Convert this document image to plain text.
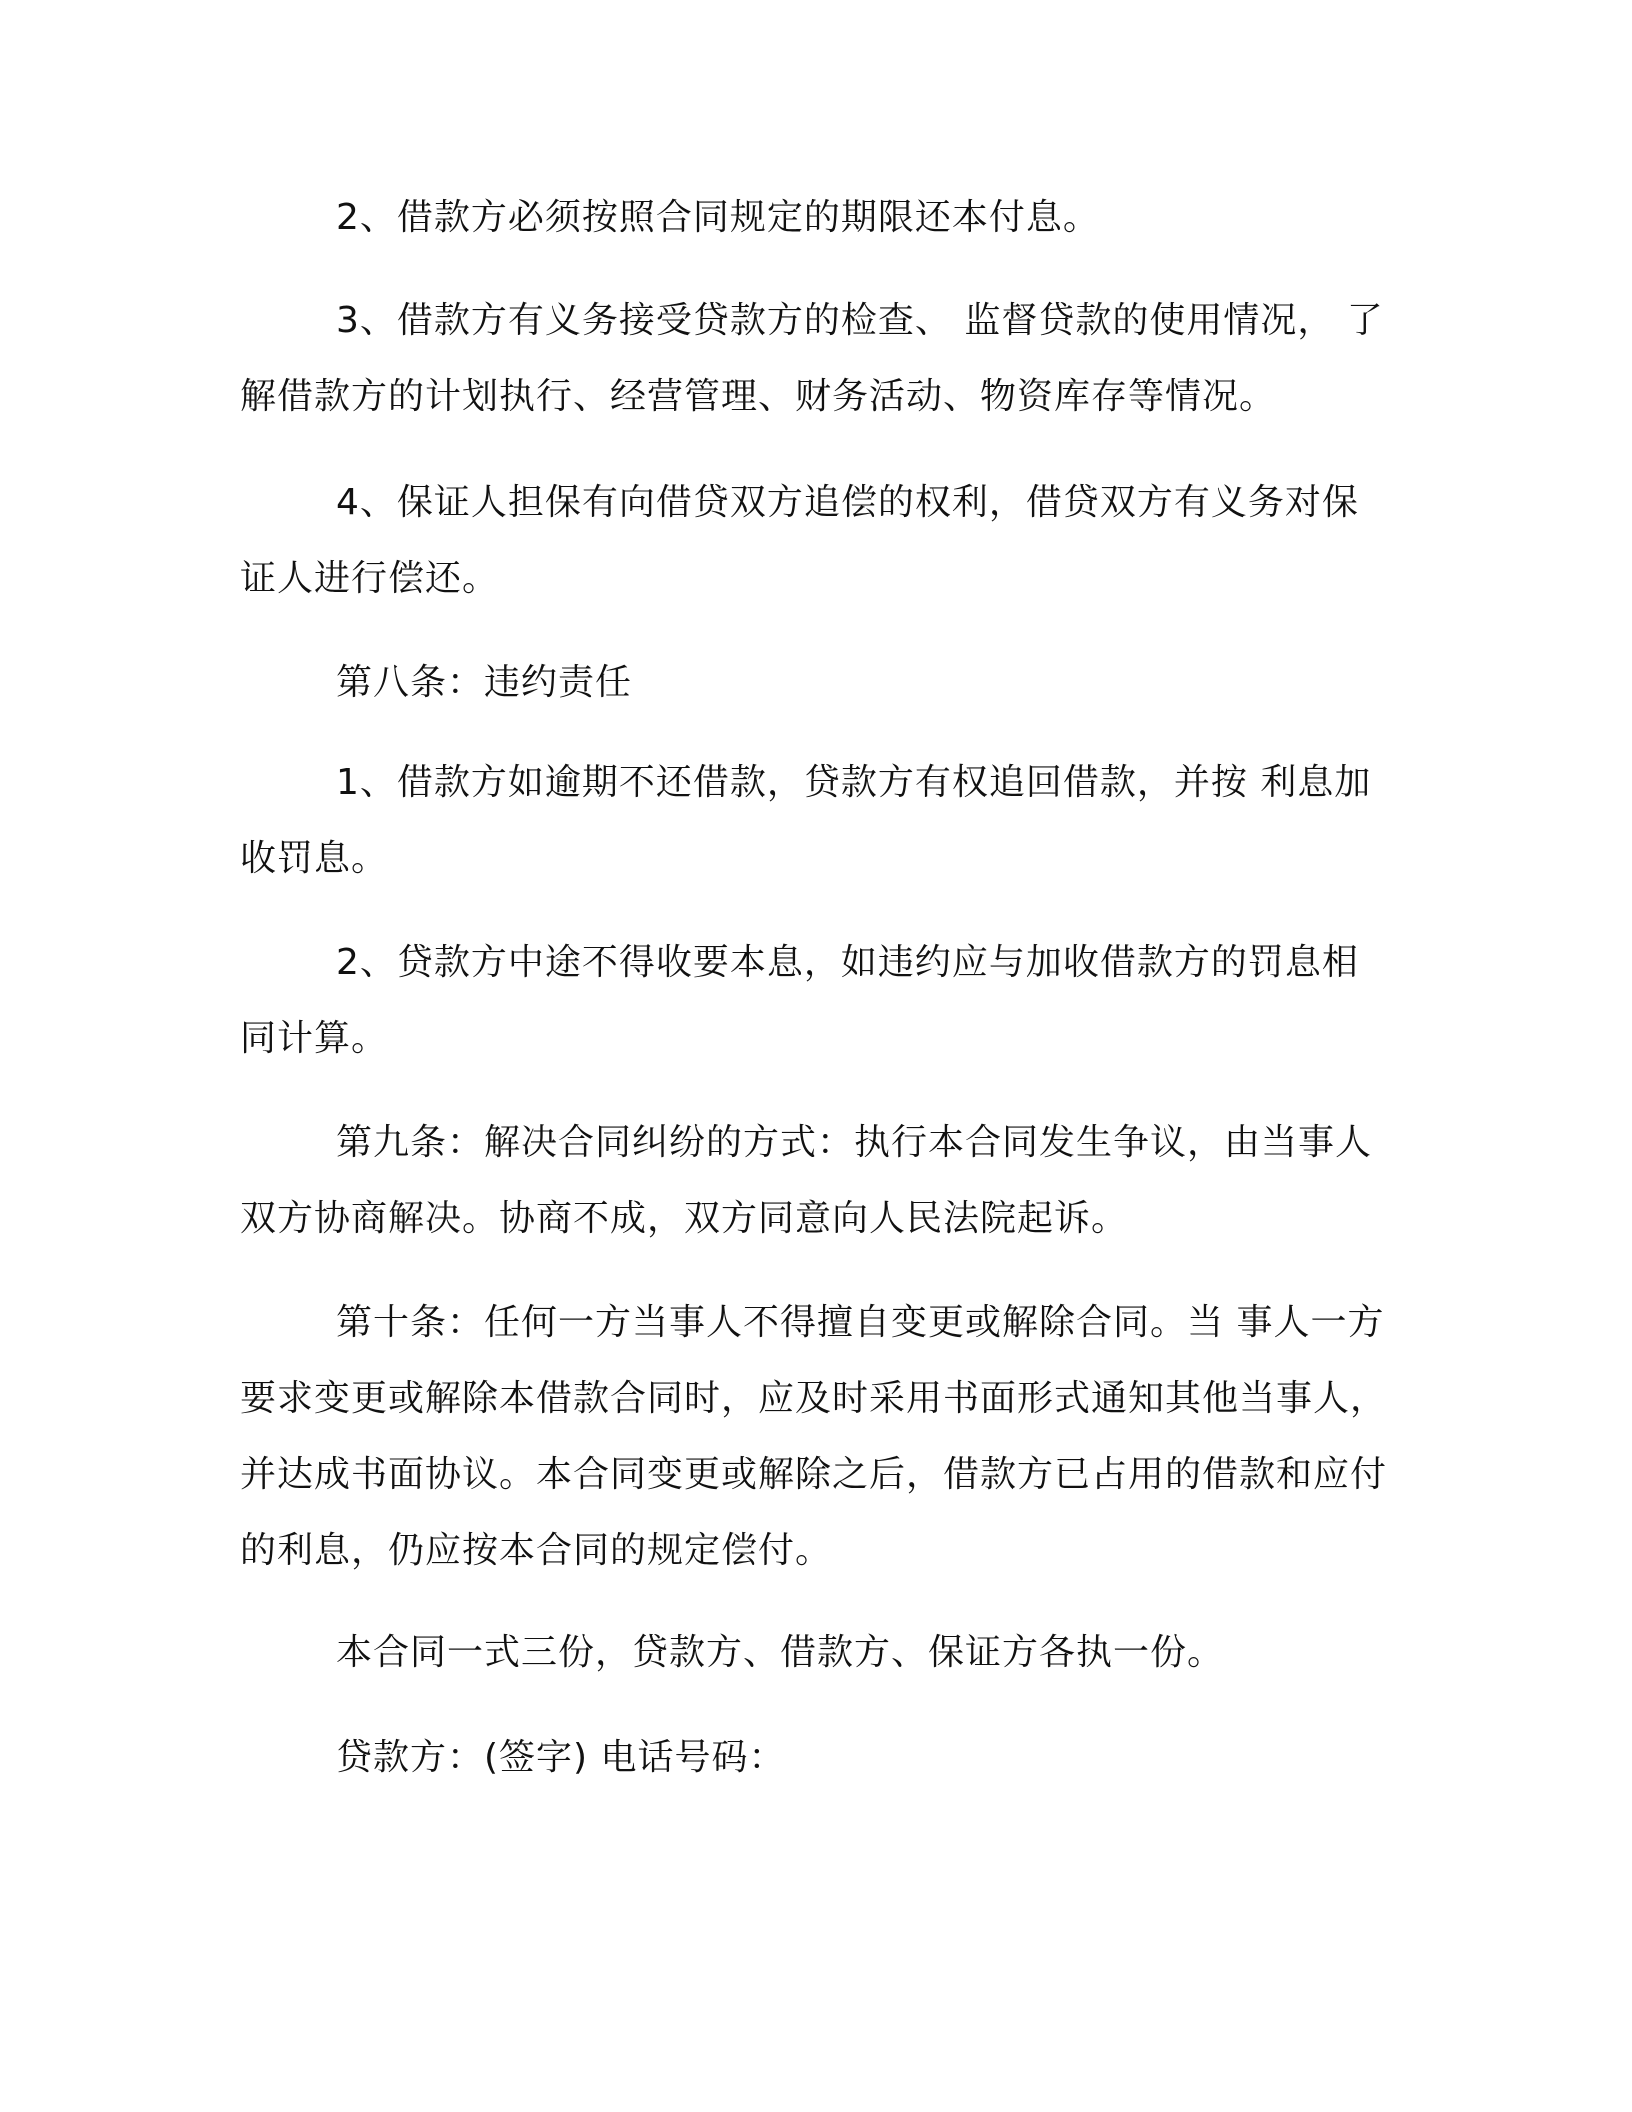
2、借款方必须按照合同规定的期限还本付息。

3、借款方有义务接受贷款方的检查、 监督贷款的使用情况， 了解借款方的计划执行、经营管理、财务活动、物资库存等情况。

4、保证人担保有向借贷双方追偿的权利，借贷双方有义务对保证人进行偿还。

第八条：违约责任

1、借款方如逾期不还借款，贷款方有权追回借款，并按 利息加收罚息。

2、贷款方中途不得收要本息，如违约应与加收借款方的罚息相同计算。

第九条：解决合同纠纷的方式：执行本合同发生争议，由当事人双方协商解决。协商不成，双方同意向人民法院起诉。

第十条：任何一方当事人不得擅自变更或解除合同。当 事人一方要求变更或解除本借款合同时，应及时采用书面形式通知其他当事人，并达成书面协议。本合同变更或解除之后，借款方已占用的借款和应付的利息，仍应按本合同的规定偿付。

本合同一式三份，贷款方、借款方、保证方各执一份。

贷款方：(签字) 电话号码：
